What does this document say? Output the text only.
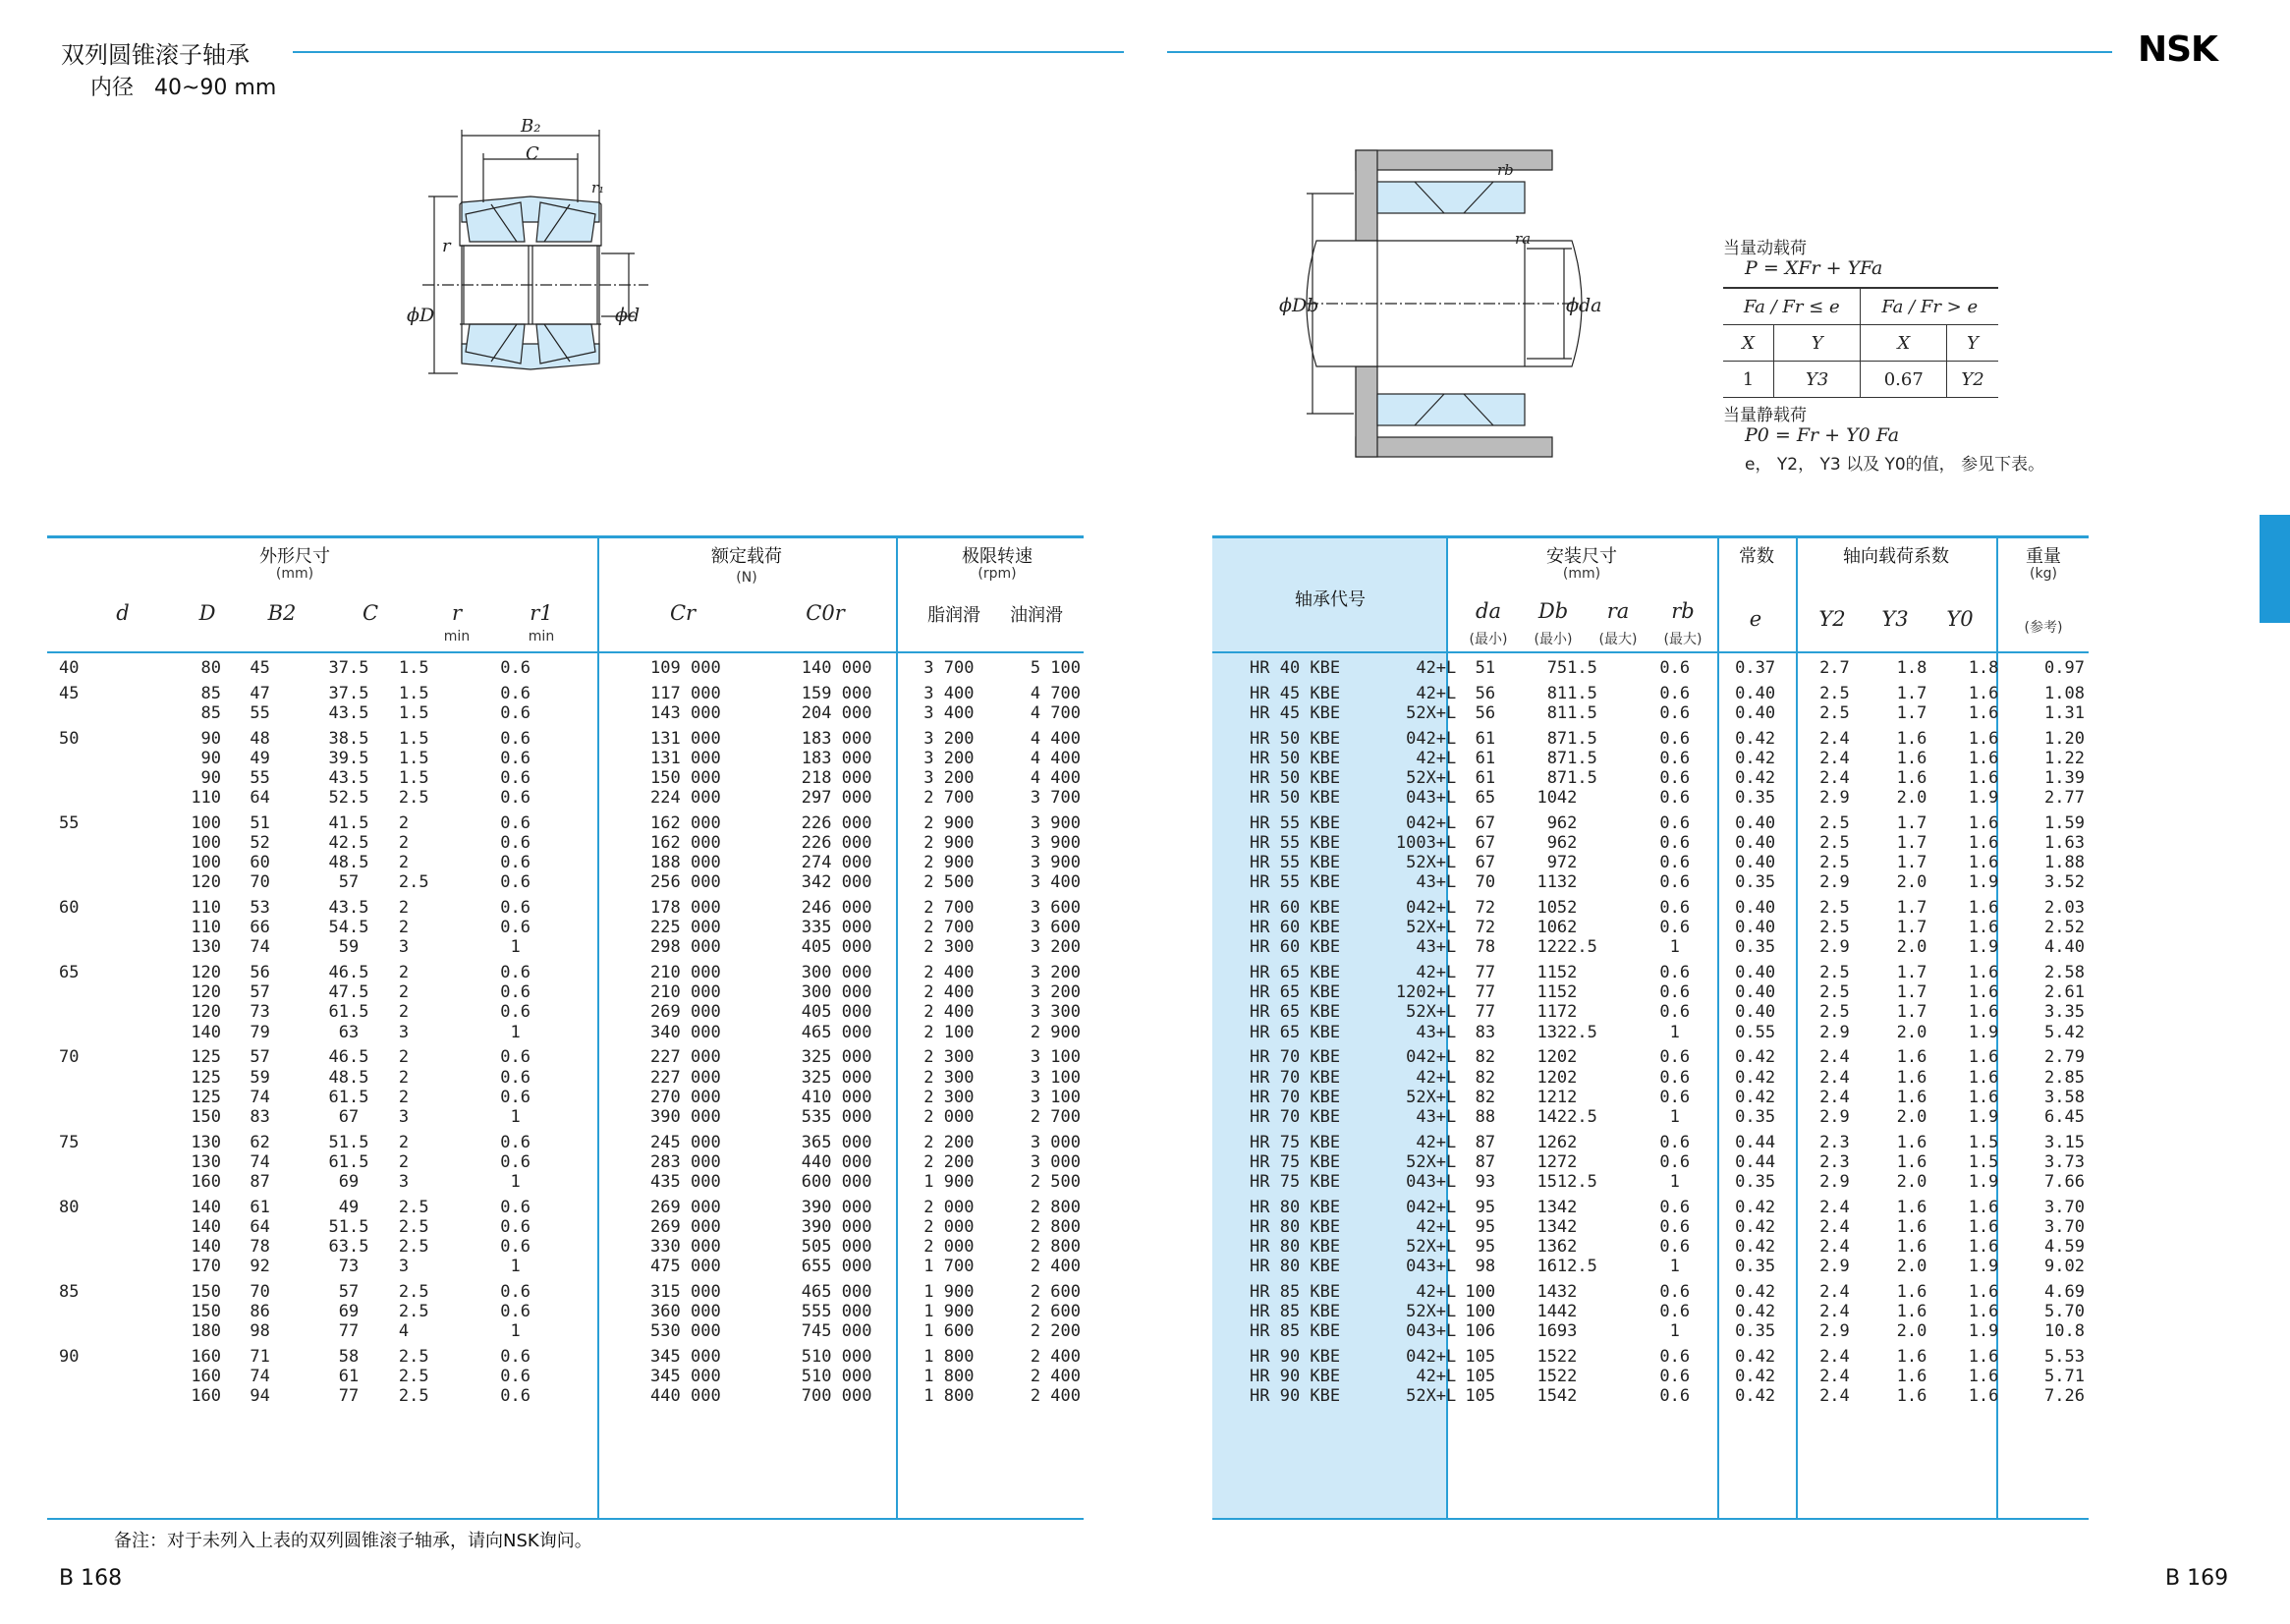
双列圆锥滚子轴承
内径 40~90 mm
NSK
B₂
C
r₁
r
ϕD	ϕd
rb
ra
ϕDb	ϕda
当量动载荷
P = XFr + YFa
Fa / Fr ≤ e		Fa / Fr > e	
X	Y	X	Y
1	Y3	0.67	Y2
当量静载荷
P0 = Fr + Y0 Fa
e， Y2， Y3 以及 Y0的值， 参见下表。
外形尺寸
(mm)
额定载荷
(N)
极限转速
(rpm)
d	D	B2	C	r
min
r1
min
Cr	C0r	脂润滑	油润滑
40	80	45	37.5	1.5	0.6	109 000	140 000	3 700	5 100

45	85	47	37.5	1.5	0.6	117 000	159 000	3 400	4 700
	85	55	43.5	1.5	0.6	143 000	204 000	3 400	4 700

50	90	48	38.5	1.5	0.6	131 000	183 000	3 200	4 400
	90	49	39.5	1.5	0.6	131 000	183 000	3 200	4 400
	90	55	43.5	1.5	0.6	150 000	218 000	3 200	4 400
	110	64	52.5	2.5	0.6	224 000	297 000	2 700	3 700

55	100	51	41.5	2	0.6	162 000	226 000	2 900	3 900
	100	52	42.5	2	0.6	162 000	226 000	2 900	3 900
	100	60	48.5	2	0.6	188 000	274 000	2 900	3 900
	120	70	57	2.5	0.6	256 000	342 000	2 500	3 400

60	110	53	43.5	2	0.6	178 000	246 000	2 700	3 600
	110	66	54.5	2	0.6	225 000	335 000	2 700	3 600
	130	74	59	3	1	298 000	405 000	2 300	3 200

65	120	56	46.5	2	0.6	210 000	300 000	2 400	3 200
	120	57	47.5	2	0.6	210 000	300 000	2 400	3 200
	120	73	61.5	2	0.6	269 000	405 000	2 400	3 300
	140	79	63	3	1	340 000	465 000	2 100	2 900

70	125	57	46.5	2	0.6	227 000	325 000	2 300	3 100
	125	59	48.5	2	0.6	227 000	325 000	2 300	3 100
	125	74	61.5	2	0.6	270 000	410 000	2 300	3 100
	150	83	67	3	1	390 000	535 000	2 000	2 700

75	130	62	51.5	2	0.6	245 000	365 000	2 200	3 000
	130	74	61.5	2	0.6	283 000	440 000	2 200	3 000
	160	87	69	3	1	435 000	600 000	1 900	2 500

80	140	61	49	2.5	0.6	269 000	390 000	2 000	2 800
	140	64	51.5	2.5	0.6	269 000	390 000	2 000	2 800
	140	78	63.5	2.5	0.6	330 000	505 000	2 000	2 800
	170	92	73	3	1	475 000	655 000	1 700	2 400

85	150	70	57	2.5	0.6	315 000	465 000	1 900	2 600
	150	86	69	2.5	0.6	360 000	555 000	1 900	2 600
	180	98	77	4	1	530 000	745 000	1 600	2 200

90	160	71	58	2.5	0.6	345 000	510 000	1 800	2 400
	160	74	61	2.5	0.6	345 000	510 000	1 800	2 400
	160	94	77	2.5	0.6	440 000	700 000	1 800	2 400
备注：对于未列入上表的双列圆锥滚子轴承，请向NSK询问。
B 168
轴承代号
安装尺寸
(mm)
常数	轴向载荷系数	重量
(kg)
da
(最小)
Db
(最小)
ra
(最大)
rb
(最大)
e	Y2	Y3	Y0	(参考)
HR 40 KBE	42+L	51	75	1.5	0.6	0.37	2.7	1.8	1.8	0.97

HR 45 KBE	42+L	56	81	1.5	0.6	0.40	2.5	1.7	1.6	1.08
HR 45 KBE	52X+L	56	81	1.5	0.6	0.40	2.5	1.7	1.6	1.31

HR 50 KBE	042+L	61	87	1.5	0.6	0.42	2.4	1.6	1.6	1.20
HR 50 KBE	42+L	61	87	1.5	0.6	0.42	2.4	1.6	1.6	1.22
HR 50 KBE	52X+L	61	87	1.5	0.6	0.42	2.4	1.6	1.6	1.39
HR 50 KBE	043+L	65	104	2	0.6	0.35	2.9	2.0	1.9	2.77

HR 55 KBE	042+L	67	96	2	0.6	0.40	2.5	1.7	1.6	1.59
HR 55 KBE	1003+L	67	96	2	0.6	0.40	2.5	1.7	1.6	1.63
HR 55 KBE	52X+L	67	97	2	0.6	0.40	2.5	1.7	1.6	1.88
HR 55 KBE	43+L	70	113	2	0.6	0.35	2.9	2.0	1.9	3.52

HR 60 KBE	042+L	72	105	2	0.6	0.40	2.5	1.7	1.6	2.03
HR 60 KBE	52X+L	72	106	2	0.6	0.40	2.5	1.7	1.6	2.52
HR 60 KBE	43+L	78	122	2.5	1	0.35	2.9	2.0	1.9	4.40

HR 65 KBE	42+L	77	115	2	0.6	0.40	2.5	1.7	1.6	2.58
HR 65 KBE	1202+L	77	115	2	0.6	0.40	2.5	1.7	1.6	2.61
HR 65 KBE	52X+L	77	117	2	0.6	0.40	2.5	1.7	1.6	3.35
HR 65 KBE	43+L	83	132	2.5	1	0.55	2.9	2.0	1.9	5.42

HR 70 KBE	042+L	82	120	2	0.6	0.42	2.4	1.6	1.6	2.79
HR 70 KBE	42+L	82	120	2	0.6	0.42	2.4	1.6	1.6	2.85
HR 70 KBE	52X+L	82	121	2	0.6	0.42	2.4	1.6	1.6	3.58
HR 70 KBE	43+L	88	142	2.5	1	0.35	2.9	2.0	1.9	6.45

HR 75 KBE	42+L	87	126	2	0.6	0.44	2.3	1.6	1.5	3.15
HR 75 KBE	52X+L	87	127	2	0.6	0.44	2.3	1.6	1.5	3.73
HR 75 KBE	043+L	93	151	2.5	1	0.35	2.9	2.0	1.9	7.66

HR 80 KBE	042+L	95	134	2	0.6	0.42	2.4	1.6	1.6	3.70
HR 80 KBE	42+L	95	134	2	0.6	0.42	2.4	1.6	1.6	3.70
HR 80 KBE	52X+L	95	136	2	0.6	0.42	2.4	1.6	1.6	4.59
HR 80 KBE	043+L	98	161	2.5	1	0.35	2.9	2.0	1.9	9.02

HR 85 KBE	42+L	100	143	2	0.6	0.42	2.4	1.6	1.6	4.69
HR 85 KBE	52X+L	100	144	2	0.6	0.42	2.4	1.6	1.6	5.70
HR 85 KBE	043+L	106	169	3	1	0.35	2.9	2.0	1.9	10.8

HR 90 KBE	042+L	105	152	2	0.6	0.42	2.4	1.6	1.6	5.53
HR 90 KBE	42+L	105	152	2	0.6	0.42	2.4	1.6	1.6	5.71
HR 90 KBE	52X+L	105	154	2	0.6	0.42	2.4	1.6	1.6	7.26
B 169
